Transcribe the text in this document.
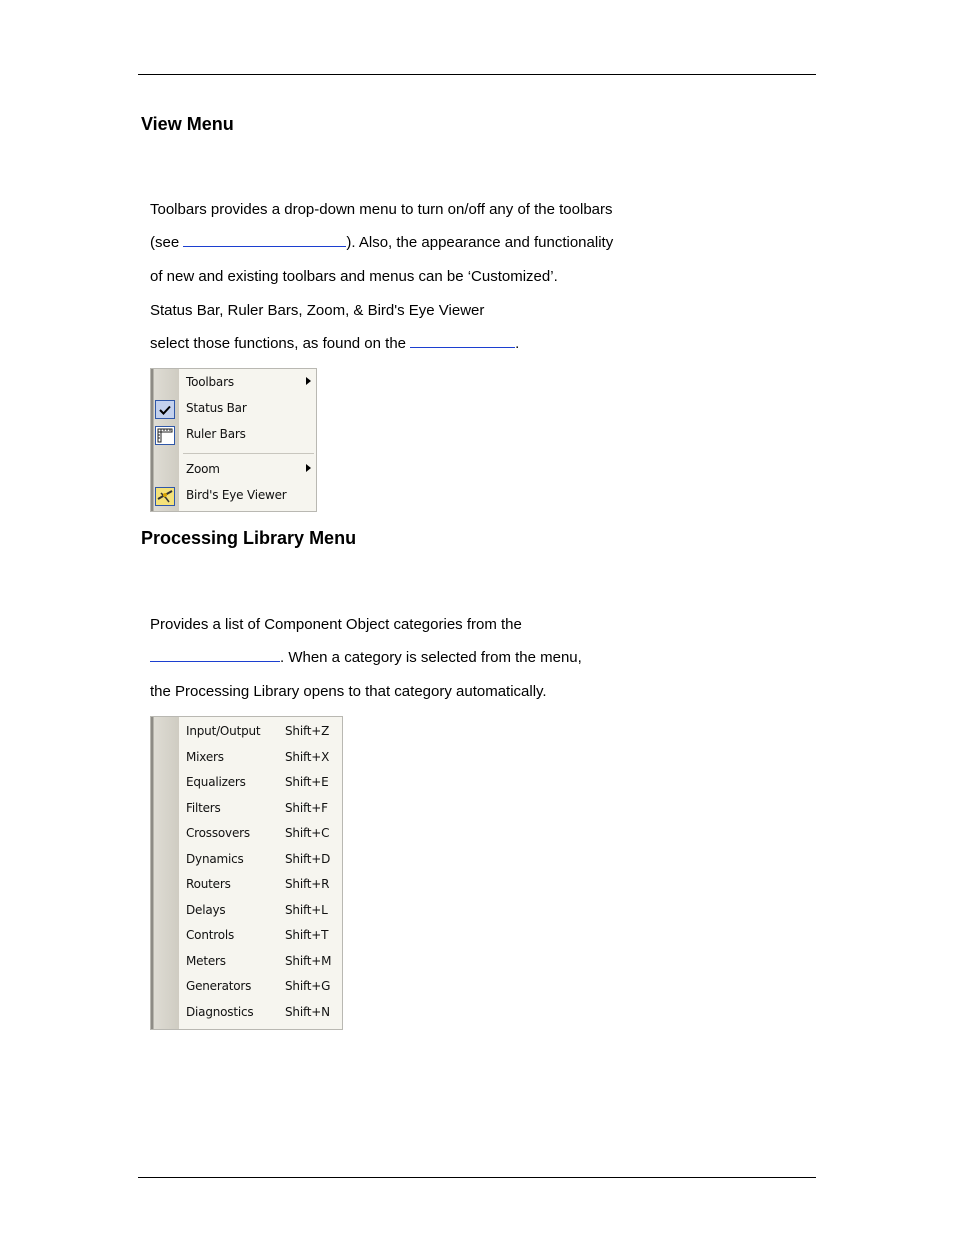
View Menu

Toolbars provides a drop-down menu to turn on/off any of the toolbars

(see	). Also, the appearance and functionality

of new and existing toolbars and menus can be ‘Customized’.

Status Bar, Ruler Bars, Zoom, & Bird's Eye Viewer

select those functions, as found on the	.

Toolbars
Status Bar
Ruler Bars
Zoom
Bird's Eye Viewer
Processing Library Menu

Provides a list of Component Object categories from the

. When a category is selected from the menu,

the Processing Library opens to that category automatically.

Input/Output Shift+Z
Mixers	Shift+X
Equalizers	Shift+E
Filters	Shift+F
Crossovers	Shift+C
Dynamics	Shift+D
Routers	Shift+R
Delays	Shift+L
Controls	Shift+T
Meters	Shift+M
Generators	Shift+G
Diagnostics	Shift+N
